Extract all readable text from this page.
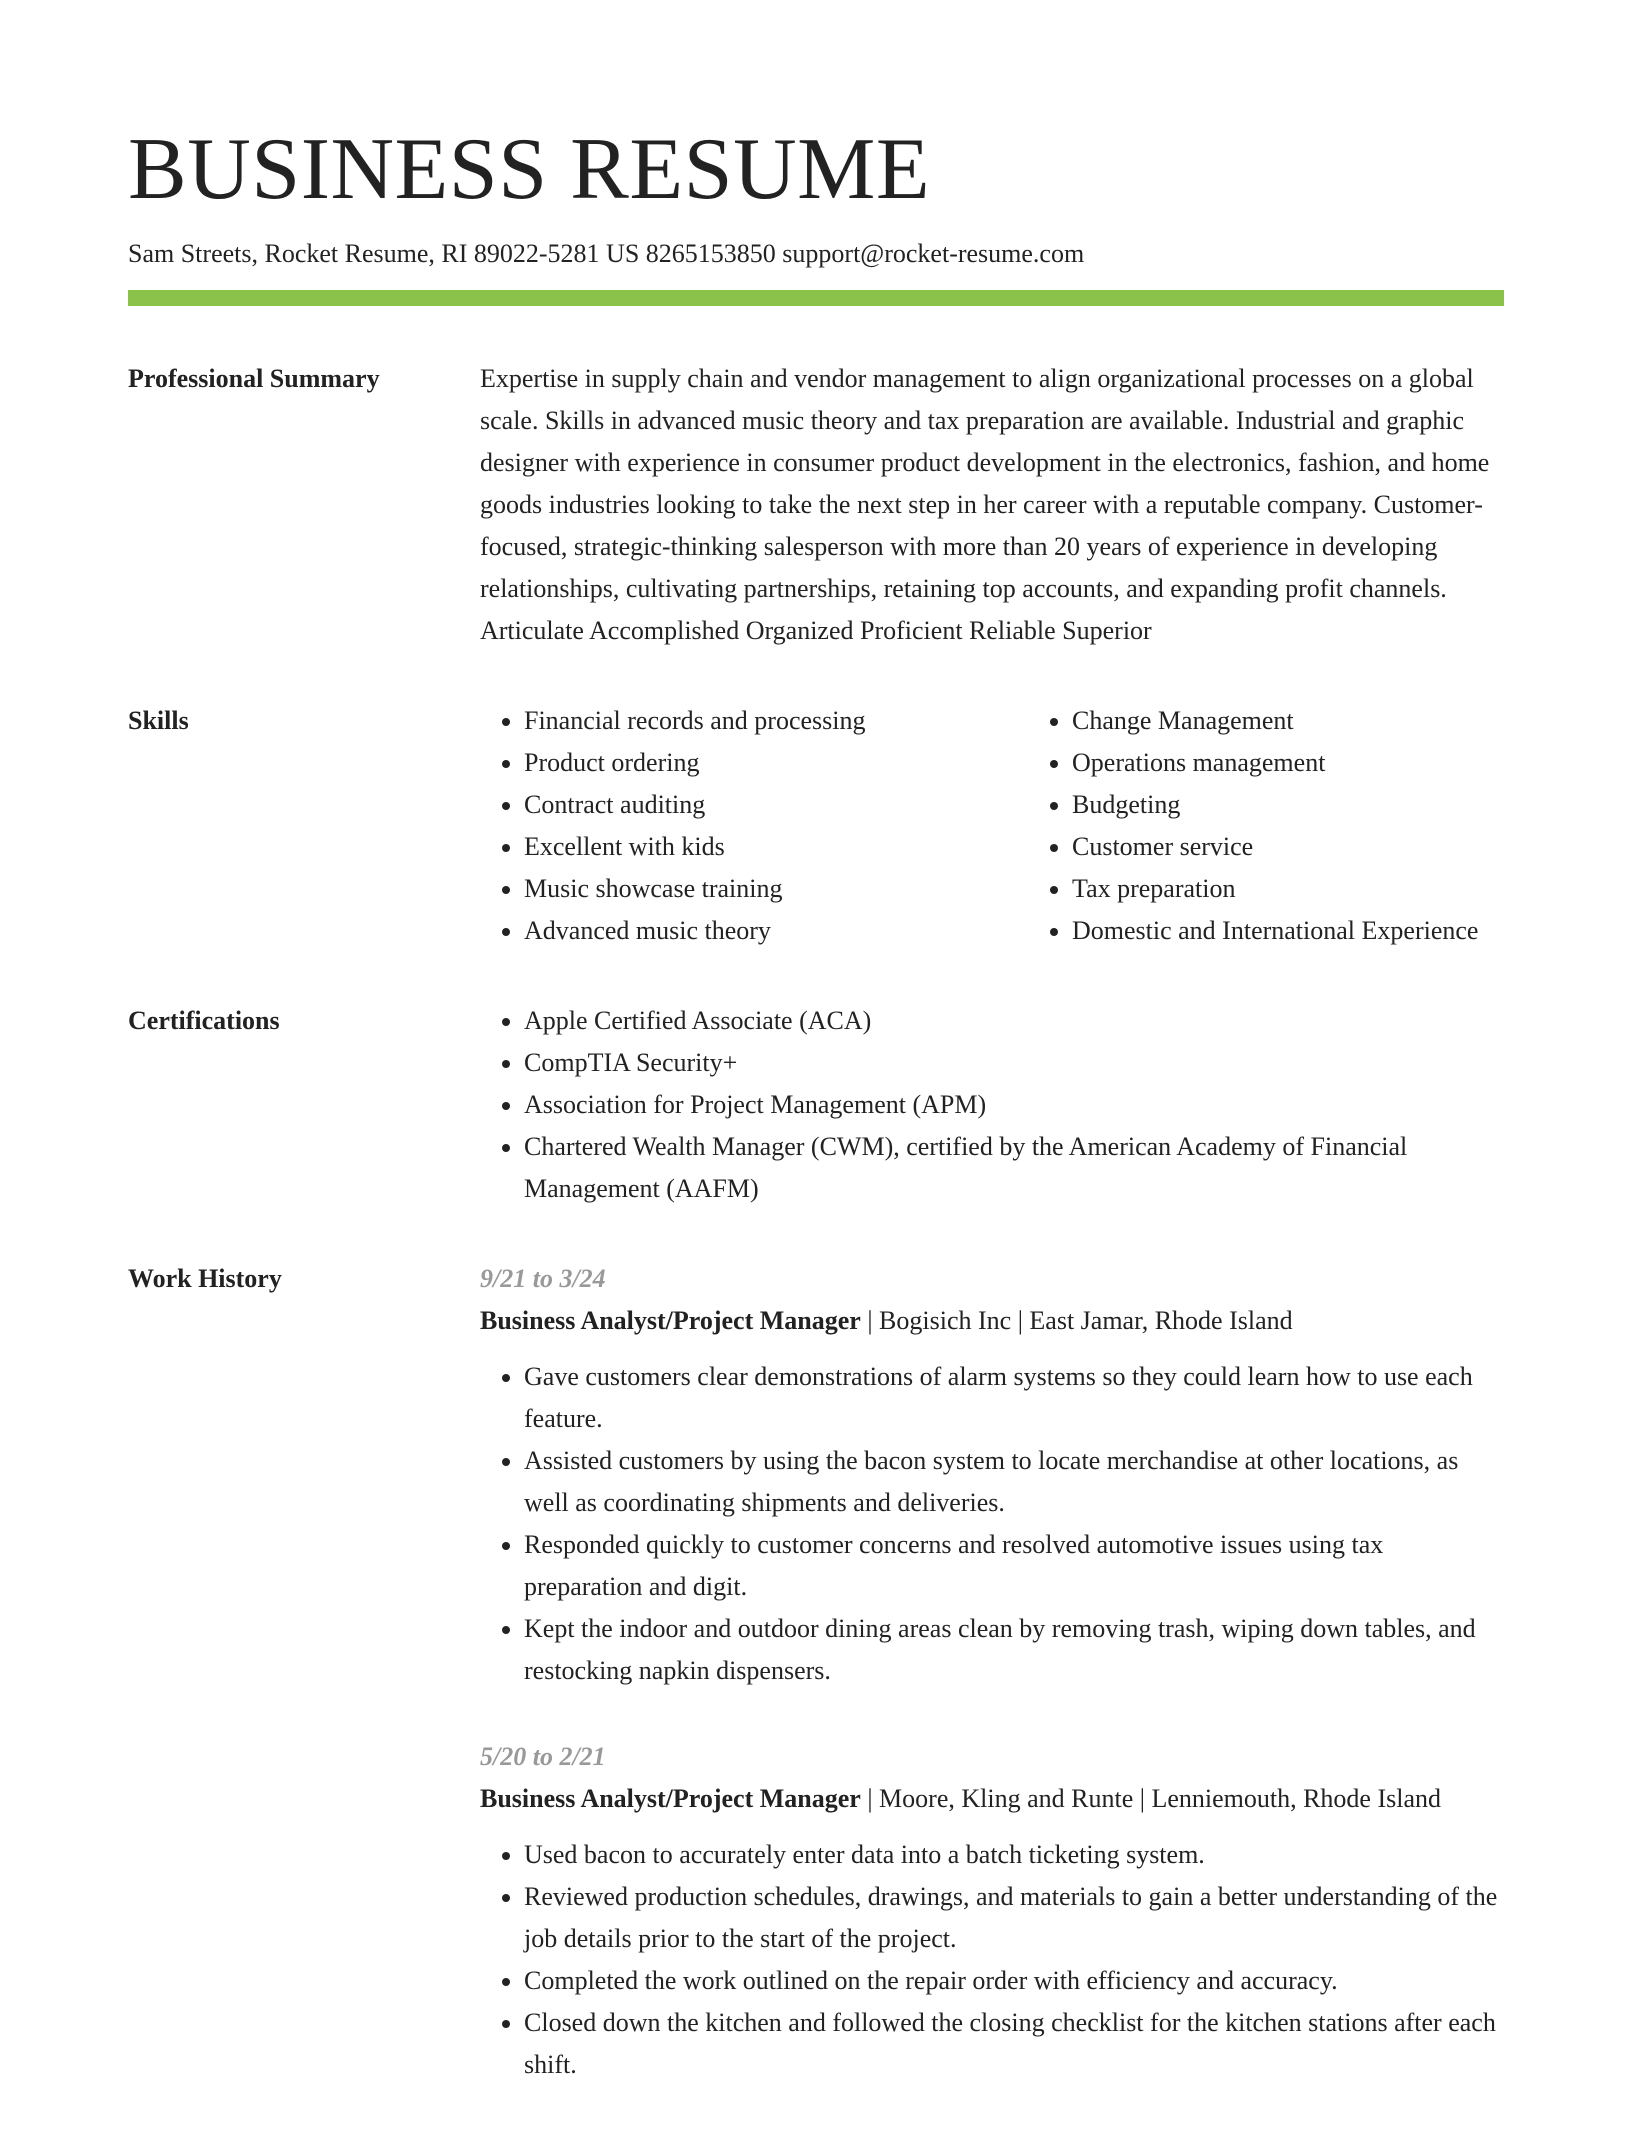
BUSINESS RESUME
Sam Streets, Rocket Resume, RI 89022-5281 US 8265153850 support@rocket-resume.com
Professional Summary	Expertise in supply chain and vendor management to align organizational processes on a global scale. Skills in advanced music theory and tax preparation are available. Industrial and graphic designer with experience in consumer product development in the electronics, fashion, and home goods industries looking to take the next step in her career with a reputable company. Customer-focused, strategic-thinking salesperson with more than 20 years of experience in developing relationships, cultivating partnerships, retaining top accounts, and expanding profit channels. Articulate Accomplished Organized Proficient Reliable Superior

Skills	• Financial records and processing
• Product ordering
• Contract auditing
• Excellent with kids
• Music showcase training
• Advanced music theory
• Change Management
• Operations management
• Budgeting
• Customer service
• Tax preparation
• Domestic and International Experience
Certifications	• Apple Certified Associate (ACA)
• CompTIA Security+
• Association for Project Management (APM)
• Chartered Wealth Manager (CWM), certified by the American Academy of Financial Management (AAFM)
Work History	9/21 to 3/24
Business Analyst/Project Manager | Bogisich Inc | East Jamar, Rhode Island
• Gave customers clear demonstrations of alarm systems so they could learn how to use each feature.
• Assisted customers by using the bacon system to locate merchandise at other locations, as well as coordinating shipments and deliveries.
• Responded quickly to customer concerns and resolved automotive issues using tax preparation and digit.
• Kept the indoor and outdoor dining areas clean by removing trash, wiping down tables, and restocking napkin dispensers.
5/20 to 2/21
Business Analyst/Project Manager | Moore, Kling and Runte | Lenniemouth, Rhode Island
• Used bacon to accurately enter data into a batch ticketing system.
• Reviewed production schedules, drawings, and materials to gain a better understanding of the job details prior to the start of the project.
• Completed the work outlined on the repair order with efficiency and accuracy.
• Closed down the kitchen and followed the closing checklist for the kitchen stations after each shift.
